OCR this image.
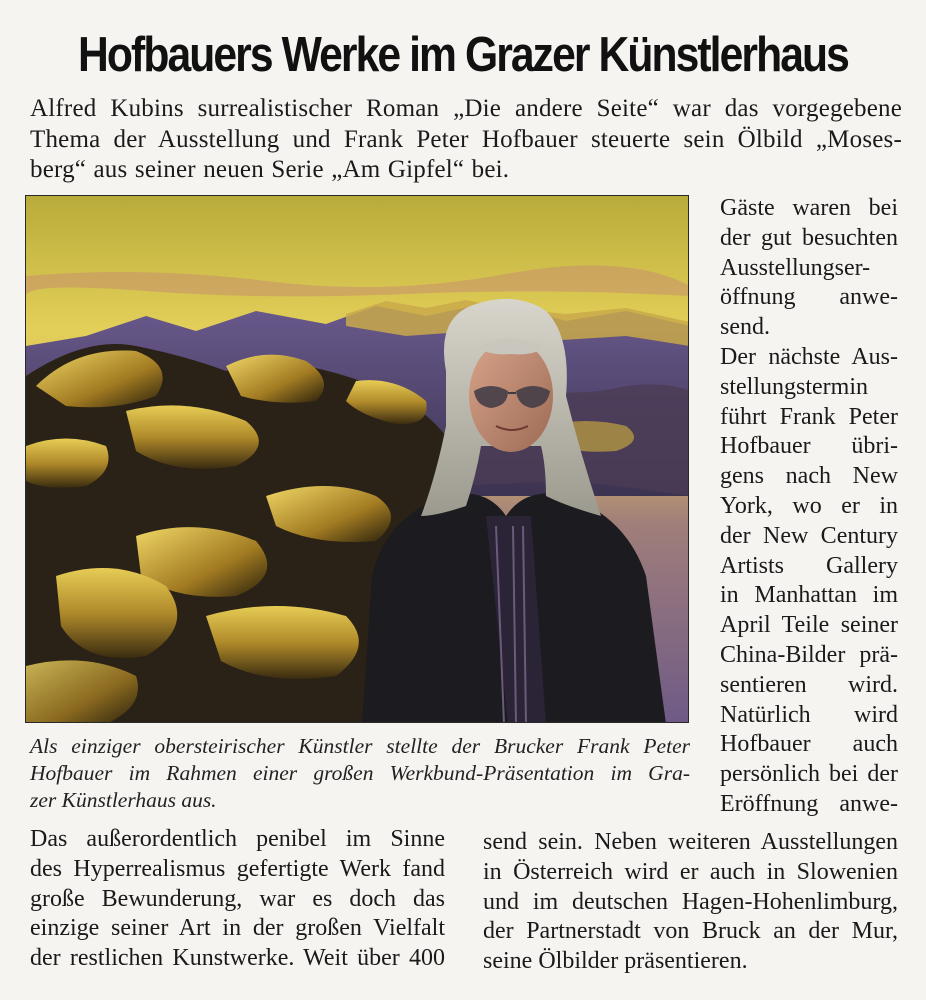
Hofbauers Werke im Grazer Künstlerhaus
Alfred Kubins surrealistischer Roman „Die andere Seite“ war das vorgegebene
Thema der Ausstellung und Frank Peter Hofbauer steuerte sein Ölbild „Moses-
berg“ aus seiner neuen Serie „Am Gipfel“ bei.
Gäste waren bei
der gut besuchten
Ausstellungser-
öffnung anwe-
send.
Der nächste Aus-
stellungstermin
führt Frank Peter
Hofbauer übri-
gens nach New
York, wo er in
der New Century
Artists Gallery
in Manhattan im
April Teile seiner
China-Bilder prä-
sentieren wird.
Natürlich wird
Hofbauer auch
persönlich bei der
Eröffnung anwe-
Als einziger obersteirischer Künstler stellte der Brucker Frank Peter
Hofbauer im Rahmen einer großen Werkbund-Präsentation im Gra-
zer Künstlerhaus aus.
Das außerordentlich penibel im Sinne
des Hyperrealismus gefertigte Werk fand
große Bewunderung, war es doch das
einzige seiner Art in der großen Vielfalt
der restlichen Kunstwerke. Weit über 400
send sein. Neben weiteren Ausstellungen
in Österreich wird er auch in Slowenien
und im deutschen Hagen-Hohenlimburg,
der Partnerstadt von Bruck an der Mur,
seine Ölbilder präsentieren.
